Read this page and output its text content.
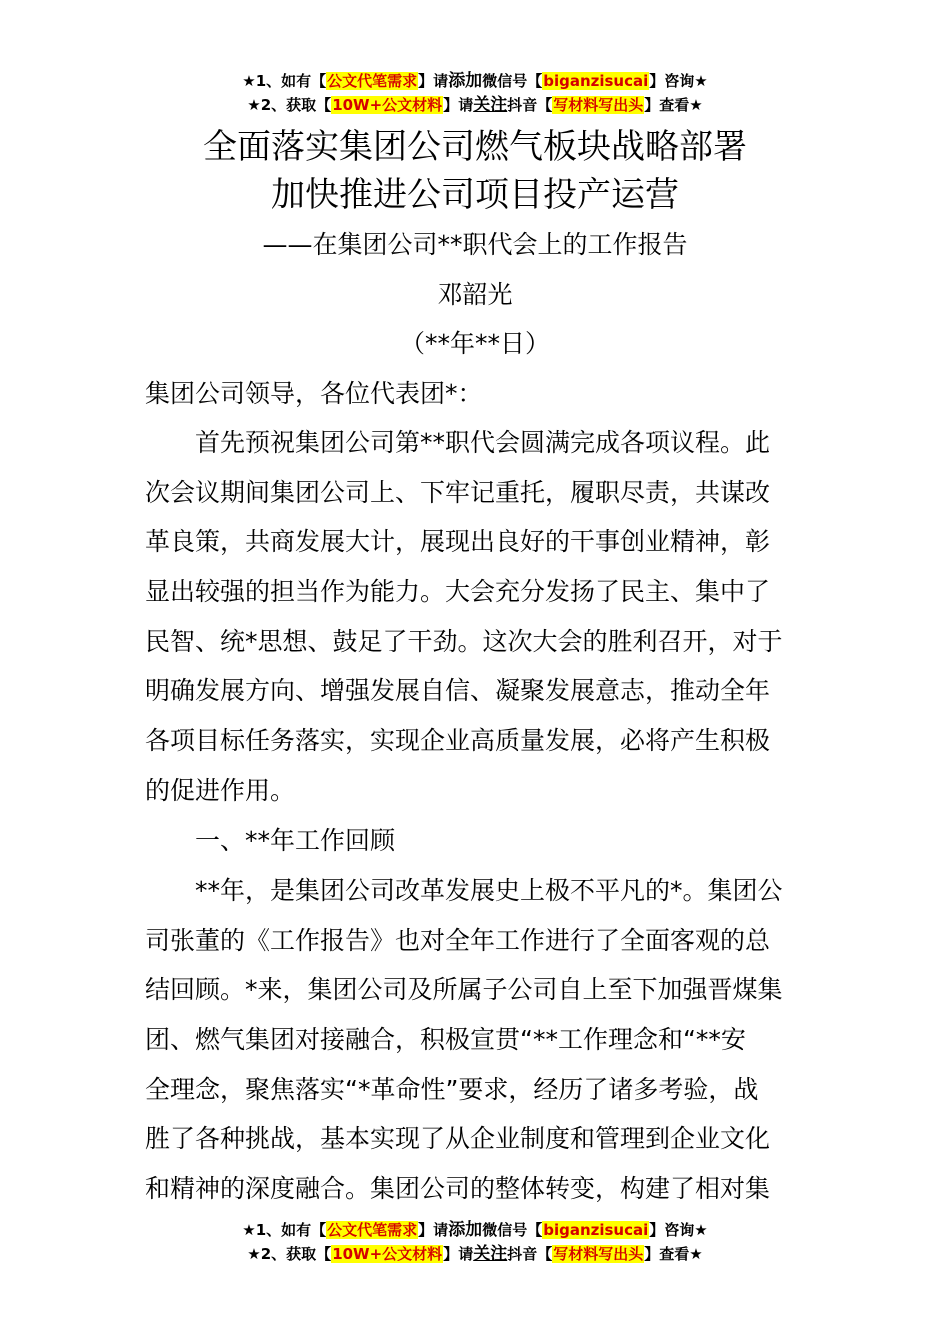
★1、如有【公文代笔需求】请添加微信号【biganzisucai】咨询★
★2、获取【10W+公文材料】请关注抖音【写材料写出头】查看★
全面落实集团公司燃气板块战略部署
加快推进公司项目投产运营
——在集团公司**职代会上的工作报告
邓韶光
（**年**日）
集团公司领导，各位代表团*：
首先预祝集团公司第**职代会圆满完成各项议程。此
次会议期间集团公司上、下牢记重托，履职尽责，共谋改
革良策，共商发展大计，展现出良好的干事创业精神，彰
显出较强的担当作为能力。大会充分发扬了民主、集中了
民智、统*思想、鼓足了干劲。这次大会的胜利召开，对于
明确发展方向、增强发展自信、凝聚发展意志，推动全年
各项目标任务落实，实现企业高质量发展，必将产生积极
的促进作用。
一、**年工作回顾
**年，是集团公司改革发展史上极不平凡的*。集团公
司张董的《工作报告》也对全年工作进行了全面客观的总
结回顾。*来，集团公司及所属子公司自上至下加强晋煤集
团、燃气集团对接融合，积极宣贯“**工作理念和“**安
全理念，聚焦落实“*革命性”要求，经历了诸多考验，战
胜了各种挑战，基本实现了从企业制度和管理到企业文化
和精神的深度融合。集团公司的整体转变，构建了相对集
★1、如有【公文代笔需求】请添加微信号【biganzisucai】咨询★
★2、获取【10W+公文材料】请关注抖音【写材料写出头】查看★
